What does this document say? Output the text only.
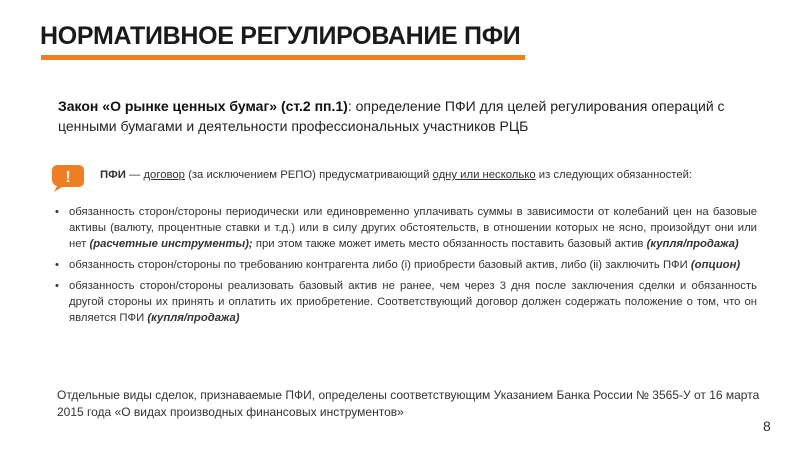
НОРМАТИВНОЕ РЕГУЛИРОВАНИЕ ПФИ
Закон «О рынке ценных бумаг» (ст.2 пп.1): определение ПФИ для целей регулирования операций с ценными бумагами и деятельности профессиональных участников РЦБ
!	ПФИ — договор (за исключением РЕПО) предусматривающий одну или несколько из следующих обязанностей:
• обязанность сторон/стороны периодически или единовременно уплачивать суммы в зависимости от колебаний цен на базовые активы (валюту, процентные ставки и т.д.) или в силу других обстоятельств, в отношении которых не ясно, произойдут они или нет (расчетные инструменты); при этом также может иметь место обязанность поставить базовый актив (купля/продажа)
• обязанность сторон/стороны по требованию контрагента либо (i) приобрести базовый актив, либо (ii) заключить ПФИ (опцион)
• обязанность сторон/стороны реализовать базовый актив не ранее, чем через 3 дня после заключения сделки и обязанность другой стороны их принять и оплатить их приобретение. Соответствующий договор должен содержать положение о том, что он является ПФИ (купля/продажа)
Отдельные виды сделок, признаваемые ПФИ, определены соответствующим Указанием Банка России № 3565-У от 16 марта 2015 года «О видах производных финансовых инструментов»
8
